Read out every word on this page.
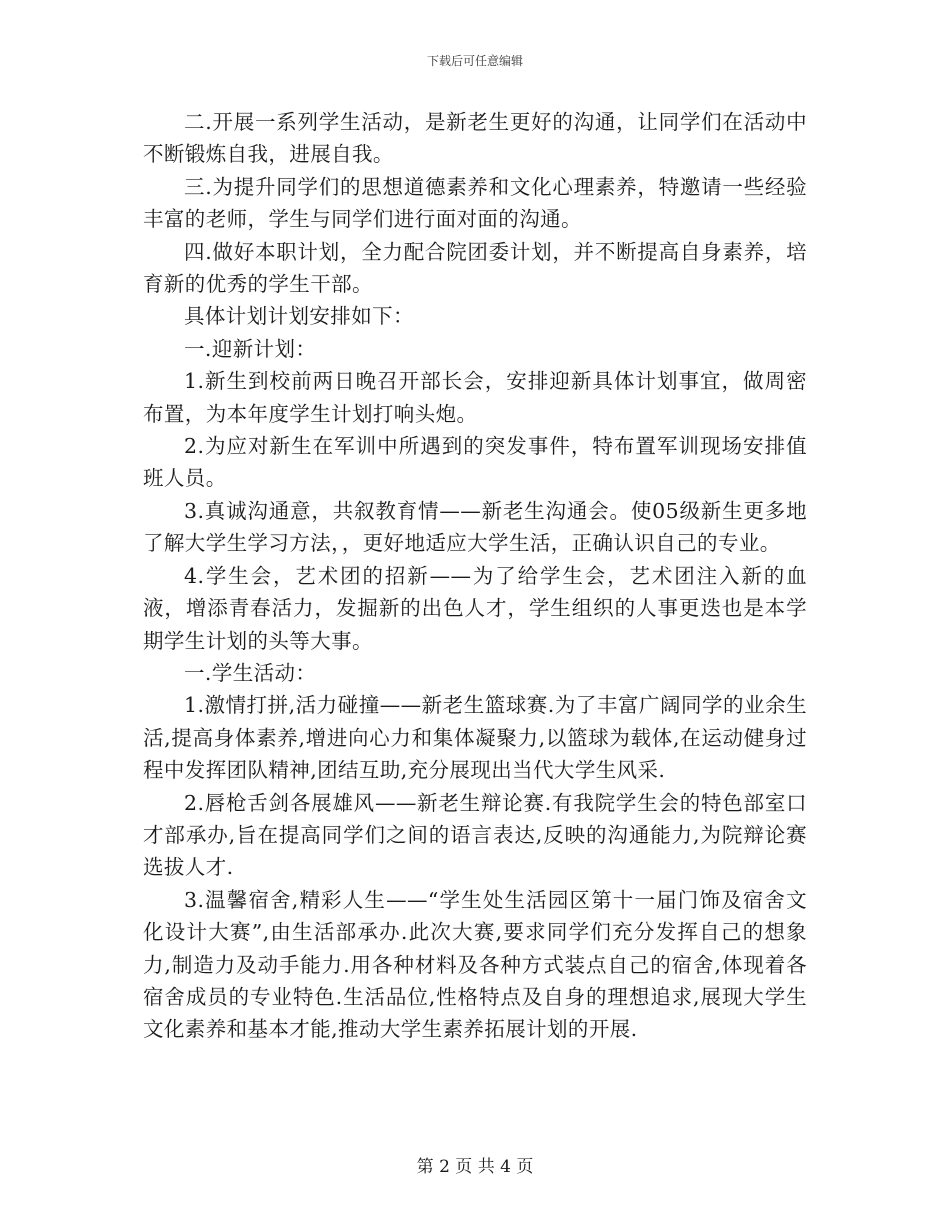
下载后可任意编辑

二.开展一系列学生活动，是新老生更好的沟通，让同学们在活动中不断锻炼自我，进展自我。

三.为提升同学们的思想道德素养和文化心理素养，特邀请一些经验丰富的老师，学生与同学们进行面对面的沟通。

四.做好本职计划，全力配合院团委计划，并不断提高自身素养，培育新的优秀的学生干部。

具体计划计划安排如下：

一.迎新计划：

1.新生到校前两日晚召开部长会，安排迎新具体计划事宜，做周密布置，为本年度学生计划打响头炮。

2.为应对新生在军训中所遇到的突发事件，特布置军训现场安排值班人员。

3.真诚沟通意，共叙教育情——新老生沟通会。使05级新生更多地了解大学生学习方法，，更好地适应大学生活，正确认识自己的专业。

4.学生会，艺术团的招新——为了给学生会，艺术团注入新的血液，增添青春活力，发掘新的出色人才，学生组织的人事更迭也是本学期学生计划的头等大事。

一.学生活动：

1.激情打拼,活力碰撞——新老生篮球赛.为了丰富广阔同学的业余生活,提高身体素养,增进向心力和集体凝聚力,以篮球为载体,在运动健身过程中发挥团队精神,团结互助,充分展现出当代大学生风采.

2.唇枪舌剑各展雄风——新老生辩论赛.有我院学生会的特色部室口才部承办,旨在提高同学们之间的语言表达,反映的沟通能力,为院辩论赛选拔人才.

3.温馨宿舍,精彩人生——“学生处生活园区第十一届门饰及宿舍文化设计大赛”,由生活部承办.此次大赛,要求同学们充分发挥自己的想象力,制造力及动手能力.用各种材料及各种方式装点自己的宿舍,体现着各宿舍成员的专业特色.生活品位,性格特点及自身的理想追求,展现大学生文化素养和基本才能,推动大学生素养拓展计划的开展.

第 2 页 共 4 页
